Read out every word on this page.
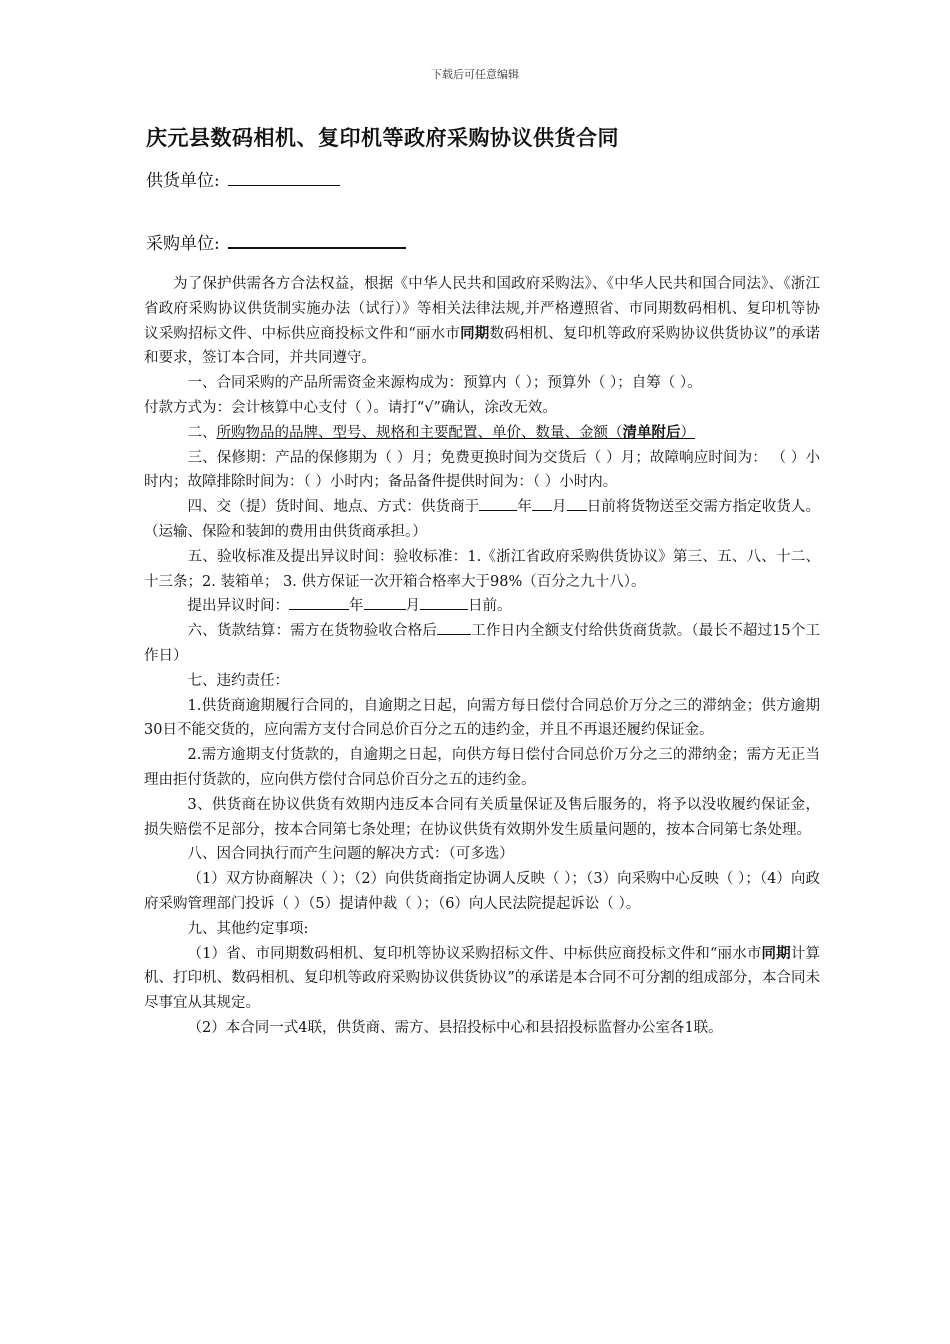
下载后可任意编辑
庆元县数码相机、复印机等政府采购协议供货合同
供货单位:
采购单位:

为了保护供需各方合法权益，根据《中华人民共和国政府采购法》、《中华人民共和国合同法》、《浙江省政府采购协议供货制实施办法（试行）》等相关法律法规,并严格遵照省、市同期数码相机、复印机等协议采购招标文件、中标供应商投标文件和“丽水市同期数码相机、复印机等政府采购协议供货协议”的承诺和要求，签订本合同，并共同遵守。

一、合同采购的产品所需资金来源构成为：预算内（ ）；预算外（ ）；自筹（ ）。

付款方式为：会计核算中心支付（ ）。请打“√”确认，涂改无效。

二、所购物品的品牌、型号、规格和主要配置、单价、数量、金额（清单附后）

三、保修期：产品的保修期为（ ）月；免费更换时间为交货后（ ）月；故障响应时间为： （ ）小时内；故障排除时间为：（ ）小时内；备品备件提供时间为：（ ）小时内。

四、交（提）货时间、地点、方式：供货商于	年 月 日前将货物送至交需方指定收货人。（运输、保险和装卸的费用由供货商承担。）

五、验收标准及提出异议时间：验收标准：1.《浙江省政府采购供货协议》第三、五、八、十二、十三条；2. 装箱单； 3. 供方保证一次开箱合格率大于98%（百分之九十八）。

提出异议时间：	年	月	日前。

六、货款结算：需方在货物验收合格后 工作日内全额支付给供货商货款。（最长不超过15个工作日）

七、违约责任：

1.供货商逾期履行合同的，自逾期之日起，向需方每日偿付合同总价万分之三的滞纳金；供方逾期30日不能交货的，应向需方支付合同总价百分之五的违约金，并且不再退还履约保证金。

2.需方逾期支付货款的，自逾期之日起，向供方每日偿付合同总价万分之三的滞纳金；需方无正当理由拒付货款的，应向供方偿付合同总价百分之五的违约金。

3、供货商在协议供货有效期内违反本合同有关质量保证及售后服务的，将予以没收履约保证金，损失赔偿不足部分，按本合同第七条处理；在协议供货有效期外发生质量问题的，按本合同第七条处理。

八、因合同执行而产生问题的解决方式：（可多选）

（1）双方协商解决（ ）；（2）向供货商指定协调人反映（ ）；（3）向采购中心反映（ ）；（4）向政府采购管理部门投诉（ ）（5）提请仲裁（ ）；（6）向人民法院提起诉讼（ ）。

九、其他约定事项:

（1）省、市同期数码相机、复印机等协议采购招标文件、中标供应商投标文件和“丽水市同期计算机、打印机、数码相机、复印机等政府采购协议供货协议”的承诺是本合同不可分割的组成部分，本合同未尽事宜从其规定。

（2）本合同一式4联，供货商、需方、县招投标中心和县招投标监督办公室各1联。
